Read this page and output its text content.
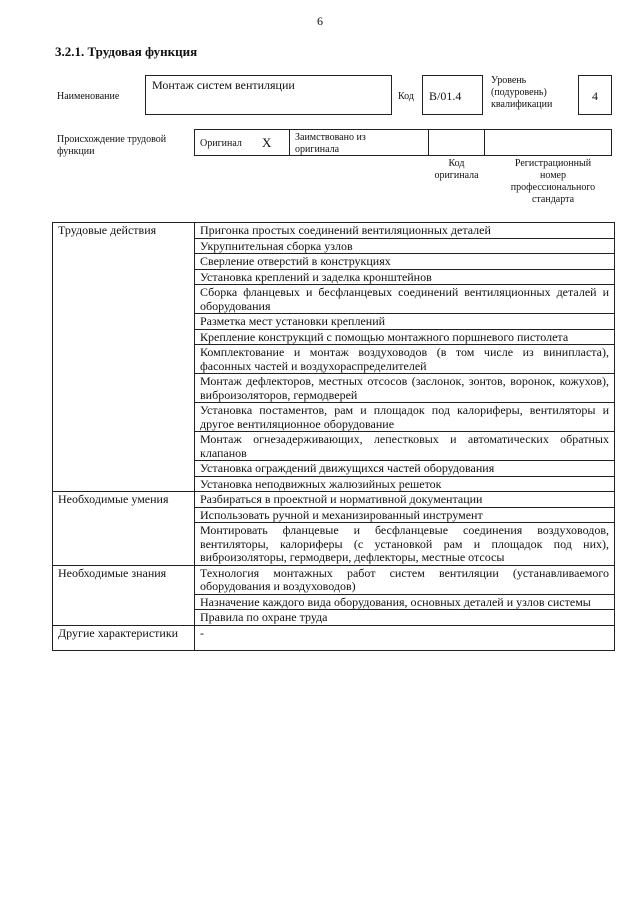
6
3.2.1. Трудовая функция
Наименование
Монтаж систем вентиляции
Код	B/01.4
Уровень
(подуровень)
квалификации
4
Происхождение трудовой
функции
Оригинал X Заимствовано из
оригинала
Код
оригинала
Регистрационный
номер
профессионального
стандарта
Трудовые действия	Пригонка простых соединений вентиляционных деталей
	Укрупнительная сборка узлов
	Сверление отверстий в конструкциях
	Установка креплений и заделка кронштейнов
	Сборка фланцевых и бесфланцевых соединений вентиляционных деталей и оборудования
	Разметка мест установки креплений
	Крепление конструкций с помощью монтажного поршневого пистолета
	Комплектование и монтаж воздуховодов (в том числе из винипласта), фасонных частей и воздухораспределителей
	Монтаж дефлекторов, местных отсосов (заслонок, зонтов, воронок, кожухов), виброизоляторов, гермодверей
	Установка постаментов, рам и площадок под калориферы, вентиляторы и другое вентиляционное оборудование
	Монтаж огнезадерживающих, лепестковых и автоматических обратных клапанов
	Установка ограждений движущихся частей оборудования
	Установка неподвижных жалюзийных решеток
Необходимые умения	Разбираться в проектной и нормативной документации
	Использовать ручной и механизированный инструмент
	Монтировать фланцевые и бесфланцевые соединения воздуховодов, вентиляторы, калориферы (с установкой рам и площадок под них), виброизоляторы, гермодвери, дефлекторы, местные отсосы
Необходимые знания	Технология монтажных работ систем вентиляции (устанавливаемого оборудования и воздуховодов)
	Назначение каждого вида оборудования, основных деталей и узлов системы
	Правила по охране труда
Другие характеристики	-
